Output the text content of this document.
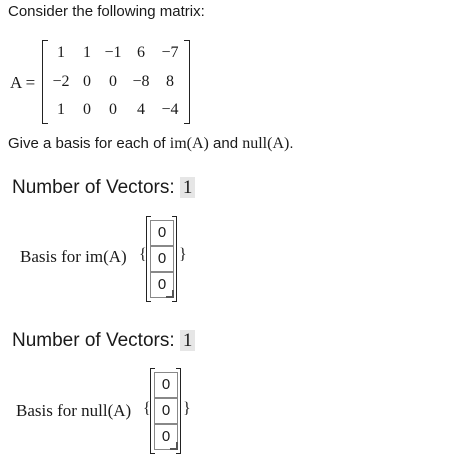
Consider the following matrix:
A =
1	1 −1 6	−7
−2 0	0 −8	8
1	0	0	4	−4
Give a basis for each of im(A) and null(A).
Number of Vectors: 1
Basis for im(A) {
0
0
0
}
Number of Vectors: 1
Basis for null(A) {
0
0
0
}
